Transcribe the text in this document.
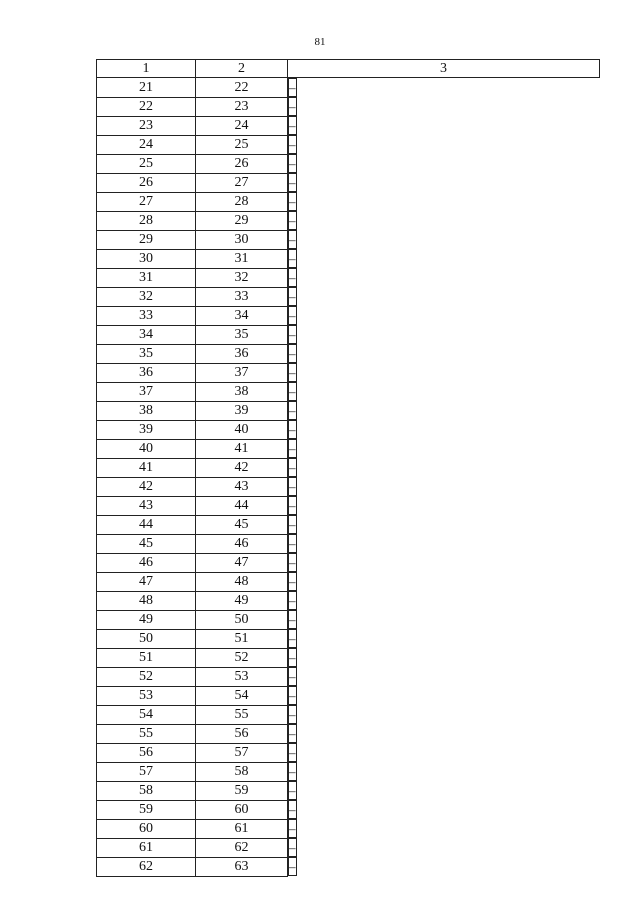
81
1	2	3
21	22		–
22	23		–
23	24		–
24	25		–
25	26		–
26	27		–
27	28		–
28	29		–
29	30		–
30	31		–
31	32		–
32	33		–
33	34		–
34	35		–
35	36		–
36	37		–
37	38		–
38	39		–
39	40		–
40	41		–
41	42		–
42	43		–
43	44		–
44	45		–
45	46		–
46	47		–
47	48		–
48	49		–
49	50		–
50	51		–
51	52		–
52	53		–
53	54		–
54	55		–
55	56		–
56	57		–
57	58		–
58	59		–
59	60		–
60	61		–
61	62		–
62	63		–
